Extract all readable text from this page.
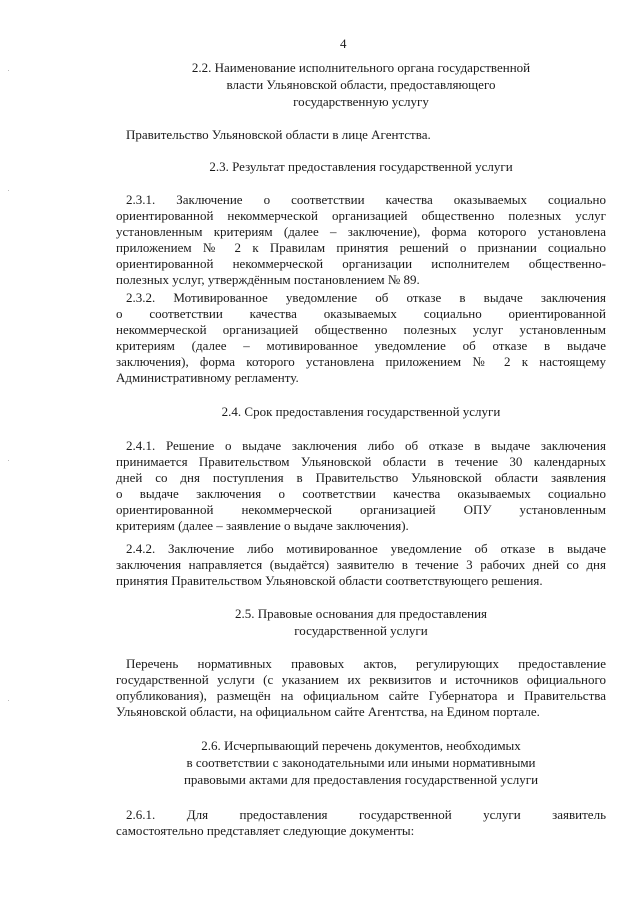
4
2.2. Наименование исполнительного органа государственной
власти Ульяновской области, предоставляющего
государственную услугу
Правительство Ульяновской области в лице Агентства.
2.3. Результат предоставления государственной услуги
2.3.1. Заключение о соответствии качества оказываемых социально
ориентированной некоммерческой организацией общественно полезных услуг
установленным критериям (далее – заключение), форма которого установлена
приложением № 2 к Правилам принятия решений о признании социально
ориентированной некоммерческой организации исполнителем общественно-
полезных услуг, утверждённым постановлением № 89.
2.3.2. Мотивированное уведомление об отказе в выдаче заключения
о соответствии качества оказываемых социально ориентированной
некоммерческой организацией общественно полезных услуг установленным
критериям (далее – мотивированное уведомление об отказе в выдаче
заключения), форма которого установлена приложением № 2 к настоящему
Административному регламенту.
2.4. Срок предоставления государственной услуги
2.4.1. Решение о выдаче заключения либо об отказе в выдаче заключения
принимается Правительством Ульяновской области в течение 30 календарных
дней со дня поступления в Правительство Ульяновской области заявления
о выдаче заключения о соответствии качества оказываемых социально
ориентированной некоммерческой организацией ОПУ установленным
критериям (далее – заявление о выдаче заключения).
2.4.2. Заключение либо мотивированное уведомление об отказе в выдаче
заключения направляется (выдаётся) заявителю в течение 3 рабочих дней со дня
принятия Правительством Ульяновской области соответствующего решения.
2.5. Правовые основания для предоставления
государственной услуги
Перечень нормативных правовых актов, регулирующих предоставление
государственной услуги (с указанием их реквизитов и источников официального
опубликования), размещён на официальном сайте Губернатора и Правительства
Ульяновской области, на официальном сайте Агентства, на Едином портале.
2.6. Исчерпывающий перечень документов, необходимых
в соответствии с законодательными или иными нормативными
правовыми актами для предоставления государственной услуги
2.6.1. Для предоставления государственной услуги заявитель
самостоятельно представляет следующие документы:
